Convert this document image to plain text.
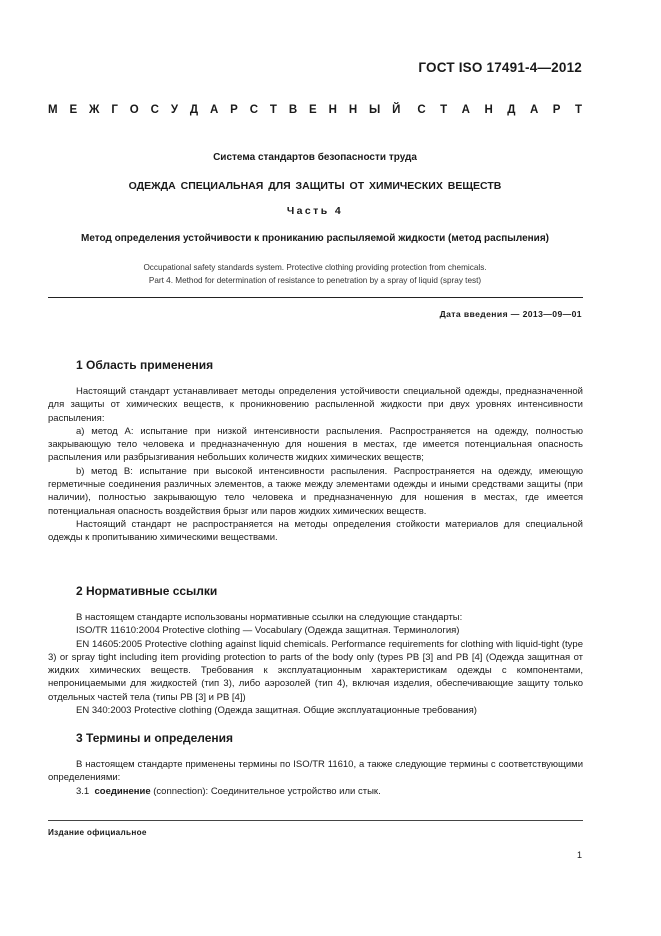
ГОСТ ISO 17491-4—2012
М Е Ж Г О С У Д А Р С Т В Е Н Н Ы Й С Т А Н Д А Р Т
Система стандартов безопасности труда
ОДЕЖДА СПЕЦИАЛЬНАЯ ДЛЯ ЗАЩИТЫ ОТ ХИМИЧЕСКИХ ВЕЩЕСТВ
Часть 4
Метод определения устойчивости к прониканию распыляемой жидкости (метод распыления)
Occupational safety standards system. Protective clothing providing protection from chemicals.
Part 4. Method for determination of resistance to penetration by a spray of liquid (spray test)
Дата введения — 2013—09—01
1 Область применения

Настоящий стандарт устанавливает методы определения устойчивости специальной одежды, предназначенной для защиты от химических веществ, к проникновению распыленной жидкости при двух уровнях интенсивности распыления:

a) метод А: испытание при низкой интенсивности распыления. Распространяется на одежду, полностью закрывающую тело человека и предназначенную для ношения в местах, где имеется потенциальная опасность распыления или разбрызгивания небольших количеств жидких химических веществ;

b) метод В: испытание при высокой интенсивности распыления. Распространяется на одежду, имеющую герметичные соединения различных элементов, а также между элементами одежды и иными средствами защиты (при наличии), полностью закрывающую тело человека и предназначенную для ношения в местах, где имеется потенциальная опасность воздействия брызг или паров жидких химических веществ.

Настоящий стандарт не распространяется на методы определения стойкости материалов для специальной одежды к пропитыванию химическими веществами.

2 Нормативные ссылки

В настоящем стандарте использованы нормативные ссылки на следующие стандарты:

ISO/TR 11610:2004 Protective clothing — Vocabulary (Одежда защитная. Терминология)

EN 14605:2005 Protective clothing against liquid chemicals. Performance requirements for clothing with liquid-tight (type 3) or spray tight including item providing protection to parts of the body only (types PB [3] and PB [4] (Одежда защитная от жидких химических веществ. Требования к эксплуатационным характеристикам одежды с компонентами, непроницаемыми для жидкостей (тип 3), либо аэрозолей (тип 4), включая изделия, обеспечивающие защиту только отдельных частей тела (типы PB [3] и PB [4])

EN 340:2003 Protective clothing (Одежда защитная. Общие эксплуатационные требования)

3 Термины и определения

В настоящем стандарте применены термины по ISO/TR 11610, а также следующие термины с соответствующими определениями:

3.1 соединение (connection): Соединительное устройство или стык.

Издание официальное
1
